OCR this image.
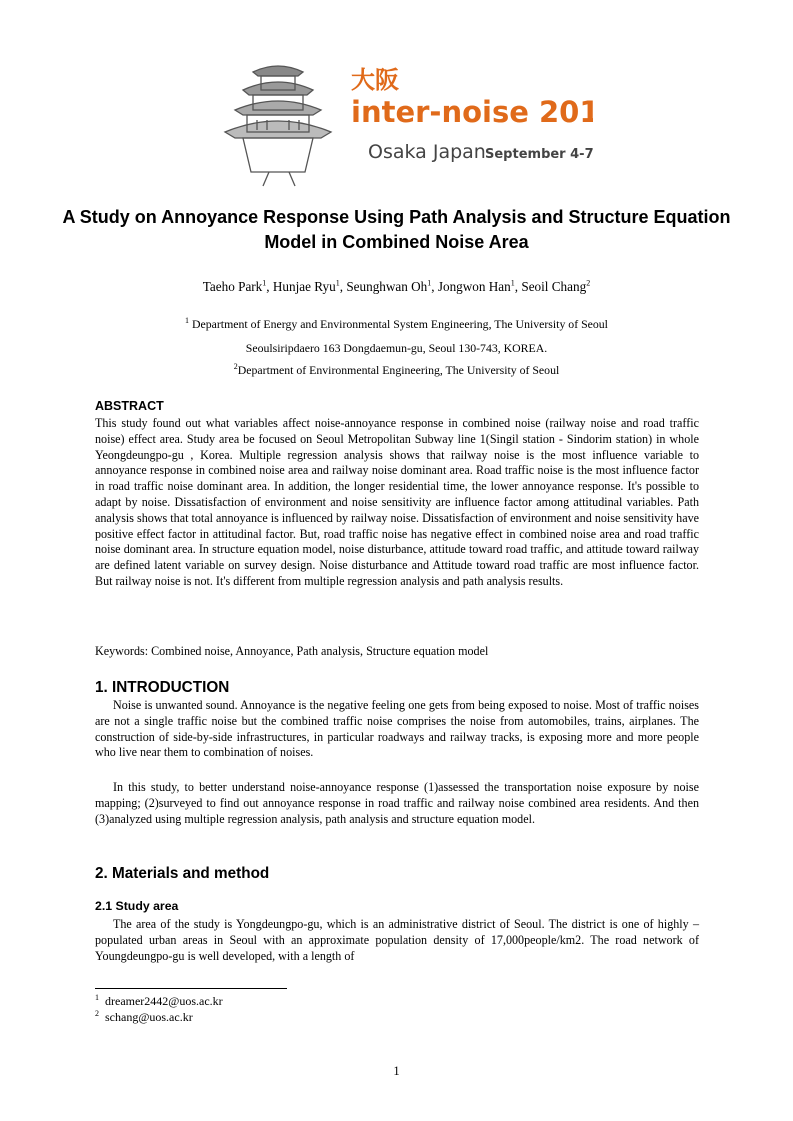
大阪
inter-noise 2011
Osaka Japan September 4-7
A Study on Annoyance Response Using Path Analysis and Structure Equation Model in Combined Noise Area
Taeho Park$^1$, Hunjae Ryu$^1$, Seunghwan Oh$^1$, Jongwon Han$^1$, Seoil Chang$^2$
$^1$ Department of Energy and Environmental System Engineering, The University of Seoul
Seoulsiripdaero 163 Dongdaemun-gu, Seoul 130-743, KOREA.
$^2$Department of Environmental Engineering, The University of Seoul
ABSTRACT

This study found out what variables affect noise-annoyance response in combined noise (railway noise and road traffic noise) effect area. Study area be focused on Seoul Metropolitan Subway line 1(Singil station - Sindorim station) in whole Yeongdeungpo-gu , Korea. Multiple regression analysis shows that railway noise is the most influence variable to annoyance response in combined noise area and railway noise dominant area. Road traffic noise is the most influence factor in road traffic noise dominant area. In addition, the longer residential time, the lower annoyance response. It's possible to adapt by noise. Dissatisfaction of environment and noise sensitivity are influence factor among attitudinal variables. Path analysis shows that total annoyance is influenced by railway noise. Dissatisfaction of environment and noise sensitivity have positive effect factor in attitudinal factor. But, road traffic noise has negative effect in combined noise area and road traffic noise dominant area. In structure equation model, noise disturbance, attitude toward road traffic, and attitude toward railway are defined latent variable on survey design. Noise disturbance and Attitude toward road traffic are most influence factor. But railway noise is not. It's different from multiple regression analysis and path analysis results.

Keywords: Combined noise, Annoyance, Path analysis, Structure equation model

1. INTRODUCTION

Noise is unwanted sound. Annoyance is the negative feeling one gets from being exposed to noise. Most of traffic noises are not a single traffic noise but the combined traffic noise comprises the noise from automobiles, trains, airplanes. The construction of side-by-side infrastructures, in particular roadways and railway tracks, is exposing more and more people who live near them to combination of noises.

In this study, to better understand noise-annoyance response (1)assessed the transportation noise exposure by noise mapping; (2)surveyed to find out annoyance response in road traffic and railway noise combined area residents. And then (3)analyzed using multiple regression analysis, path analysis and structure equation model.

2. Materials and method
2.1 Study area

The area of the study is Yongdeungpo-gu, which is an administrative district of Seoul. The district is one of highly –populated urban areas in Seoul with an approximate population density of 17,000people/km2. The road network of Youngdeungpo-gu is well developed, with a length of

$^1$ dreamer2442@uos.ac.kr
$^2$ schang@uos.ac.kr
1
